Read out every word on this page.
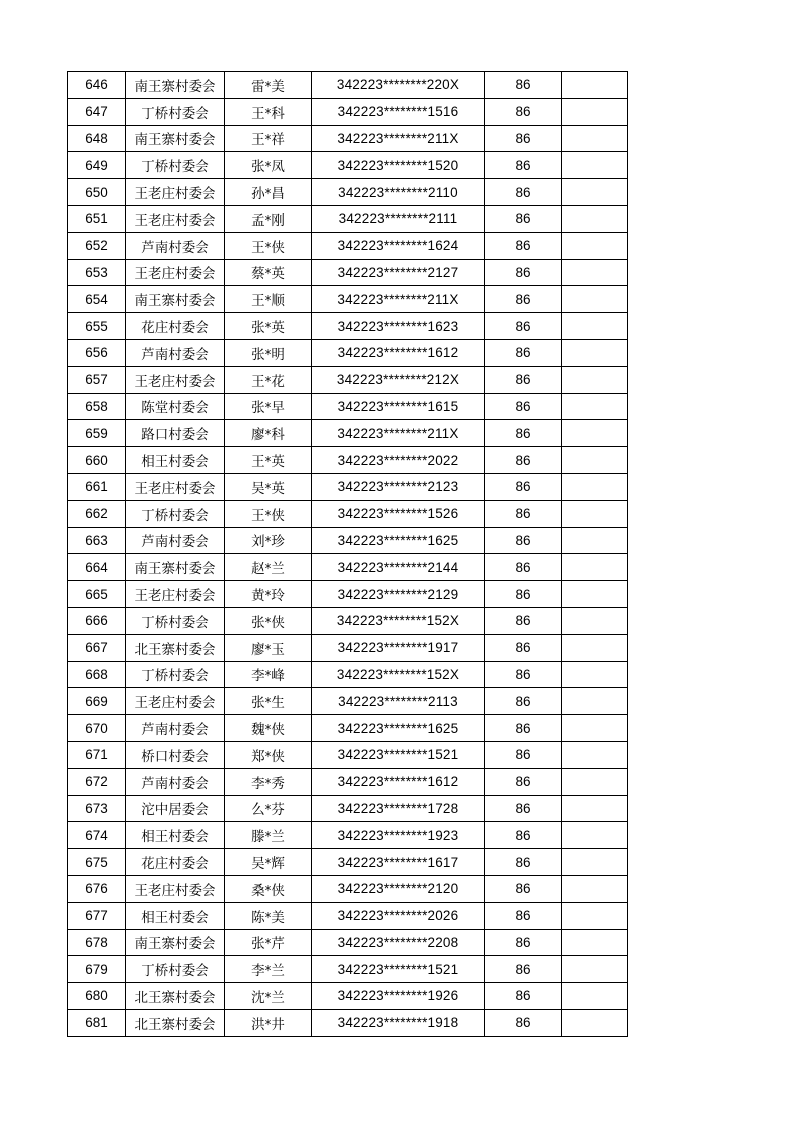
646	南王寨村委会	雷*美	342223********220X	86	
647	丁桥村委会	王*科	342223********1516	86	
648	南王寨村委会	王*祥	342223********211X	86	
649	丁桥村委会	张*凤	342223********1520	86	
650	王老庄村委会	孙*昌	342223********2110	86	
651	王老庄村委会	孟*刚	342223********2111	86	
652	芦南村委会	王*侠	342223********1624	86	
653	王老庄村委会	蔡*英	342223********2127	86	
654	南王寨村委会	王*顺	342223********211X	86	
655	花庄村委会	张*英	342223********1623	86	
656	芦南村委会	张*明	342223********1612	86	
657	王老庄村委会	王*花	342223********212X	86	
658	陈堂村委会	张*早	342223********1615	86	
659	路口村委会	廖*科	342223********211X	86	
660	相王村委会	王*英	342223********2022	86	
661	王老庄村委会	吴*英	342223********2123	86	
662	丁桥村委会	王*侠	342223********1526	86	
663	芦南村委会	刘*珍	342223********1625	86	
664	南王寨村委会	赵*兰	342223********2144	86	
665	王老庄村委会	黄*玲	342223********2129	86	
666	丁桥村委会	张*侠	342223********152X	86	
667	北王寨村委会	廖*玉	342223********1917	86	
668	丁桥村委会	李*峰	342223********152X	86	
669	王老庄村委会	张*生	342223********2113	86	
670	芦南村委会	魏*侠	342223********1625	86	
671	桥口村委会	郑*侠	342223********1521	86	
672	芦南村委会	李*秀	342223********1612	86	
673	沱中居委会	么*芬	342223********1728	86	
674	相王村委会	滕*兰	342223********1923	86	
675	花庄村委会	吴*辉	342223********1617	86	
676	王老庄村委会	桑*侠	342223********2120	86	
677	相王村委会	陈*美	342223********2026	86	
678	南王寨村委会	张*芹	342223********2208	86	
679	丁桥村委会	李*兰	342223********1521	86	
680	北王寨村委会	沈*兰	342223********1926	86	
681	北王寨村委会	洪*井	342223********1918	86	
